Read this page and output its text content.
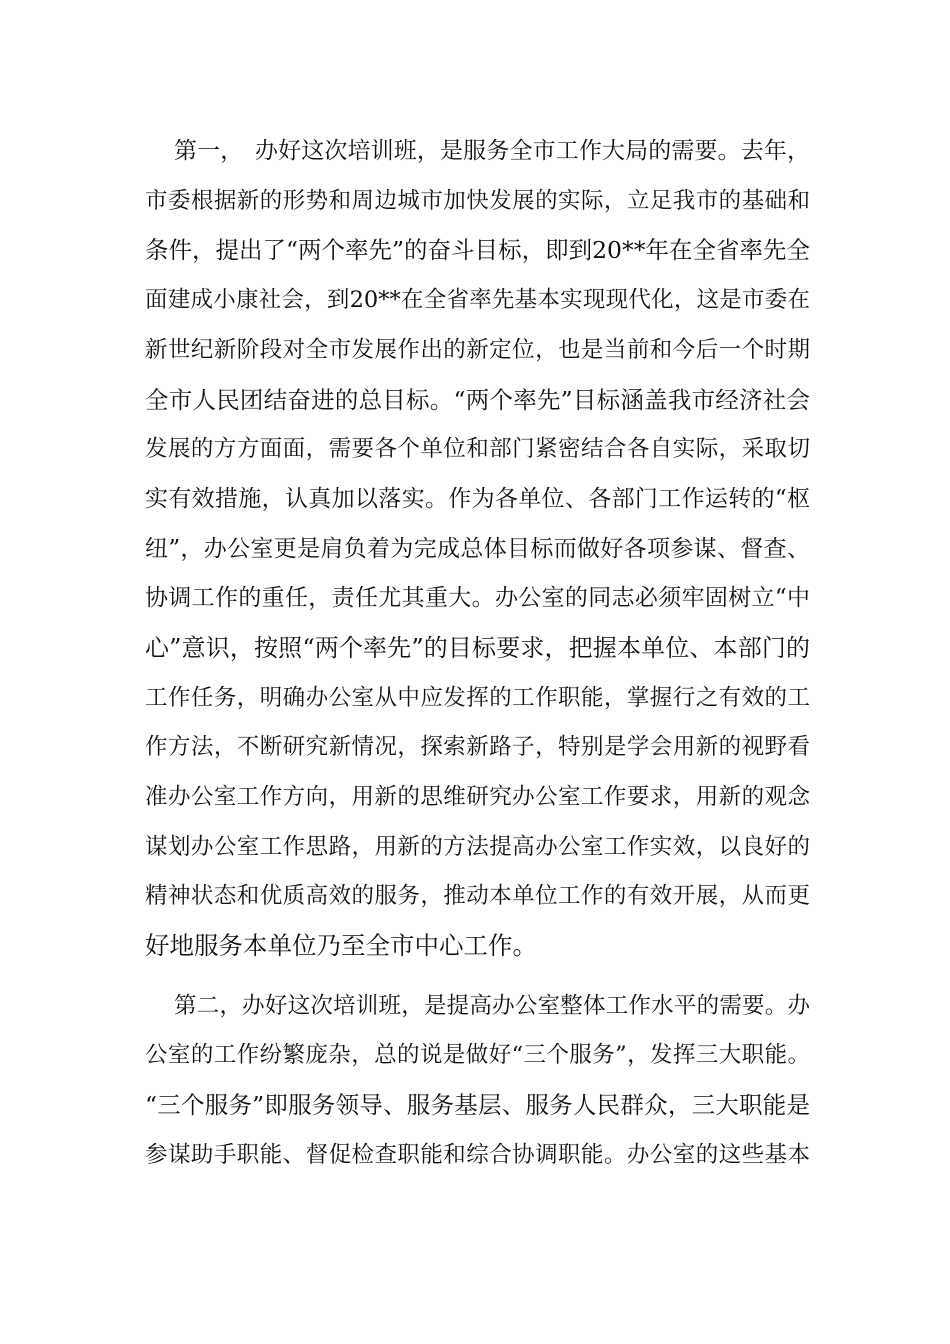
第一，　办好这次培训班，是服务全市工作大局的需要。去年，
市委根据新的形势和周边城市加快发展的实际，立足我市的基础和
条件，提出了“两个率先”的奋斗目标，即到20**年在全省率先全
面建成小康社会，到20**在全省率先基本实现现代化，这是市委在
新世纪新阶段对全市发展作出的新定位，也是当前和今后一个时期
全市人民团结奋进的总目标。“两个率先”目标涵盖我市经济社会
发展的方方面面，需要各个单位和部门紧密结合各自实际，采取切
实有效措施，认真加以落实。作为各单位、各部门工作运转的“枢
纽”，办公室更是肩负着为完成总体目标而做好各项参谋、督查、
协调工作的重任，责任尤其重大。办公室的同志必须牢固树立“中
心”意识，按照“两个率先”的目标要求，把握本单位、本部门的
工作任务，明确办公室从中应发挥的工作职能，掌握行之有效的工
作方法，不断研究新情况，探索新路子，特别是学会用新的视野看
准办公室工作方向，用新的思维研究办公室工作要求，用新的观念
谋划办公室工作思路，用新的方法提高办公室工作实效，以良好的
精神状态和优质高效的服务，推动本单位工作的有效开展，从而更
好地服务本单位乃至全市中心工作。
第二，办好这次培训班，是提高办公室整体工作水平的需要。办
公室的工作纷繁庞杂，总的说是做好“三个服务”，发挥三大职能。
“三个服务”即服务领导、服务基层、服务人民群众，三大职能是
参谋助手职能、督促检查职能和综合协调职能。办公室的这些基本
